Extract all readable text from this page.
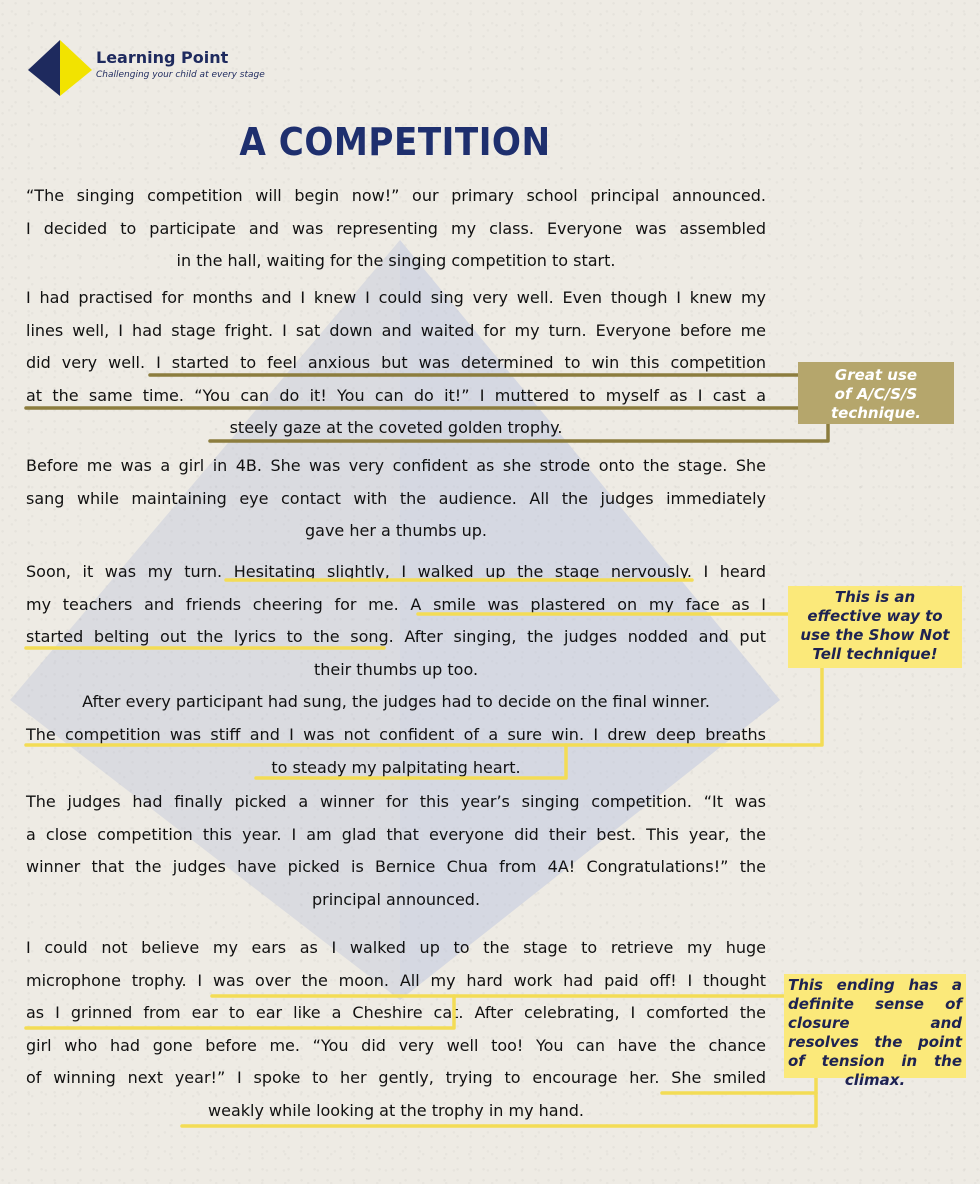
Learning Point
Challenging your child at every stage
A COMPETITION
“The singing competition will begin now!” our primary school principal announced.
I decided to participate and was representing my class. Everyone was assembled
in the hall, waiting for the singing competition to start.
I had practised for months and I knew I could sing very well. Even though I knew my
lines well, I had stage fright. I sat down and waited for my turn. Everyone before me
did very well. I started to feel anxious but was determined to win this competition
at the same time. “You can do it! You can do it!” I muttered to myself as I cast a
steely gaze at the coveted golden trophy.
Before me was a girl in 4B. She was very confident as she strode onto the stage. She
sang while maintaining eye contact with the audience. All the judges immediately
gave her a thumbs up.
Soon, it was my turn. Hesitating slightly, I walked up the stage nervously. I heard
my teachers and friends cheering for me. A smile was plastered on my face as I
started belting out the lyrics to the song. After singing, the judges nodded and put
their thumbs up too.
After every participant had sung, the judges had to decide on the final winner.
The competition was stiff and I was not confident of a sure win. I drew deep breaths
to steady my palpitating heart.
The judges had finally picked a winner for this year’s singing competition. “It was
a close competition this year. I am glad that everyone did their best. This year, the
winner that the judges have picked is Bernice Chua from 4A! Congratulations!” the
principal announced.
I could not believe my ears as I walked up to the stage to retrieve my huge
microphone trophy. I was over the moon. All my hard work had paid off! I thought
as I grinned from ear to ear like a Cheshire cat. After celebrating, I comforted the
girl who had gone before me. “You did very well too! You can have the chance
of winning next year!” I spoke to her gently, trying to encourage her. She smiled
weakly while looking at the trophy in my hand.
Great use of A/C/S/S technique.
This is an effective way to use the Show Not Tell technique!
This ending has a definite sense of closure and resolves the point of tension in the climax.
